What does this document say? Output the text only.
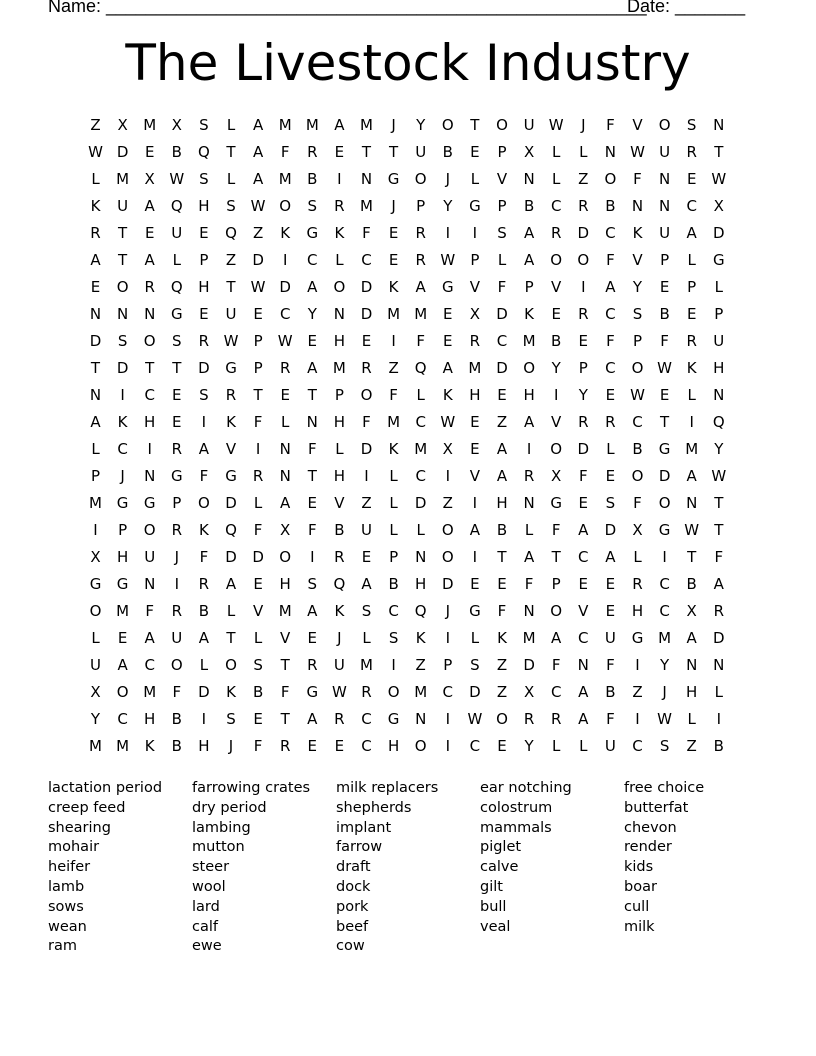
Name: ______________________________________________________
Date: _______
The Livestock Industry
Z	X	M	X	S	L	A	M M	A	M	J	Y	O	T	O	U W	J	F	V	O	S	N
W D	E	B	Q	T	A	F	R	E	T	T	U	B	E	P	X	L	L	N W U	R	T
L	M	X W S	L	A	M	B	I	N	G	O	J	L	V	N	L	Z	O	F	N	E W
K	U	A	Q	H	S W O	S	R	M	J	P	Y	G	P	B	C	R	B	N	N	C	X
R	T	E	U	E	Q	Z	K	G	K	F	E	R	I	I	S	A	R	D	C	K	U	A	D
A	T	A	L	P	Z	D	I	C	L	C	E	R W	P	L	A	O	O	F	V	P	L	G
E	O	R	Q	H	T	W D	A	O	D	K	A	G	V	F	P	V	I	A	Y	E	P	L
N	N	N	G	E	U	E	C	Y	N	D M M	E	X	D	K	E	R	C	S	B	E	P
D	S	O	S	R W	P	W E	H	E	I	F	E	R	C	M	B	E	F	P	F	R	U
T	D	T	T	D	G	P	R	A	M	R	Z	Q	A	M D	O	Y	P	C	O W K	H
N	I	C	E	S	R	T	E	T	P	O	F	L	K	H	E	H	I	Y	E W E	L	N
A	K	H	E	I	K	F	L	N	H	F	M	C W E	Z	A	V	R	R	C	T	I	Q
L	C	I	R	A	V	I	N	F	L	D	K	M	X	E	A	I	O	D	L	B	G M	Y
P	J	N	G	F	G	R	N	T	H	I	L	C	I	V	A	R	X	F	E	O	D	A W
M G	G	P	O	D	L	A	E	V	Z	L	D	Z	I	H	N	G	E	S	F	O	N	T
I	P	O	R	K	Q	F	X	F	B	U	L	L	O	A	B	L	F	A	D	X	G W	T
X	H	U	J	F	D	D	O	I	R	E	P	N	O	I	T	A	T	C	A	L	I	T	F
G	G	N	I	R	A	E	H	S	Q	A	B	H	D	E	E	F	P	E	E	R	C	B	A
O M	F	R	B	L	V	M	A	K	S	C	Q	J	G	F	N	O	V	E	H	C	X	R
L	E	A	U	A	T	L	V	E	J	L	S	K	I	L	K	M	A	C	U	G M	A	D
U	A	C	O	L	O	S	T	R	U	M	I	Z	P	S	Z	D	F	N	F	I	Y	N	N
X	O M	F	D	K	B	F	G W R	O M	C	D	Z	X	C	A	B	Z	J	H	L
Y	C	H	B	I	S	E	T	A	R	C	G	N	I	W O	R	R	A	F	I	W	L	I
M M	K	B	H	J	F	R	E	E	C	H	O	I	C	E	Y	L	L	U	C	S	Z	B
lactation period
creep feed
shearing
mohair
heifer
lamb
sows
wean
ram
farrowing crates
dry period
lambing
mutton
steer
wool
lard
calf
ewe
milk replacers
shepherds
implant
farrow
draft
dock
pork
beef
cow
ear notching
colostrum
mammals
piglet
calve
gilt
bull
veal
free choice
butterfat
chevon
render
kids
boar
cull
milk
